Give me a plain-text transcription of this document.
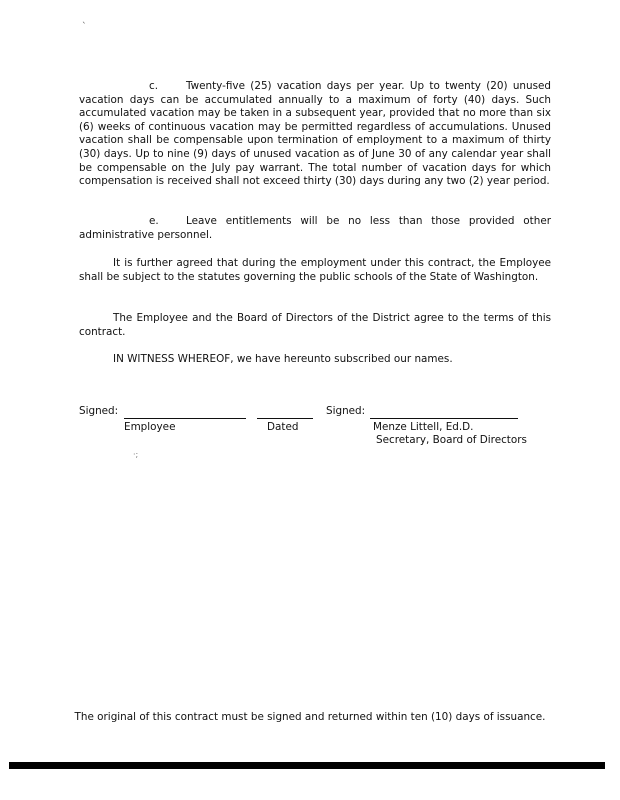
`
c.	Twenty-five (25) vacation days per year. Up to twenty (20) unused vacation days can be accumulated annually to a maximum of forty (40) days. Such accumulated vacation may be taken in a subsequent year, provided that no more than six (6) weeks of continuous vacation may be permitted regardless of accumulations. Unused vacation shall be compensable upon termination of employment to a maximum of thirty (30) days. Up to nine (9) days of unused vacation as of June 30 of any calendar year shall be compensable on the July pay warrant. The total number of vacation days for which compensation is received shall not exceed thirty (30) days during any two (2) year period.
e.	Leave entitlements will be no less than those provided other administrative personnel.
It is further agreed that during the employment under this contract, the Employee shall be subject to the statutes governing the public schools of the State of Washington.
The Employee and the Board of Directors of the District agree to the terms of this contract.
IN WITNESS WHEREOF, we have hereunto subscribed our names.
Signed:
Employee	Dated
Signed:
Menze Littell, Ed.D.
Secretary, Board of Directors
·;
The original of this contract must be signed and returned within ten (10) days of issuance.
